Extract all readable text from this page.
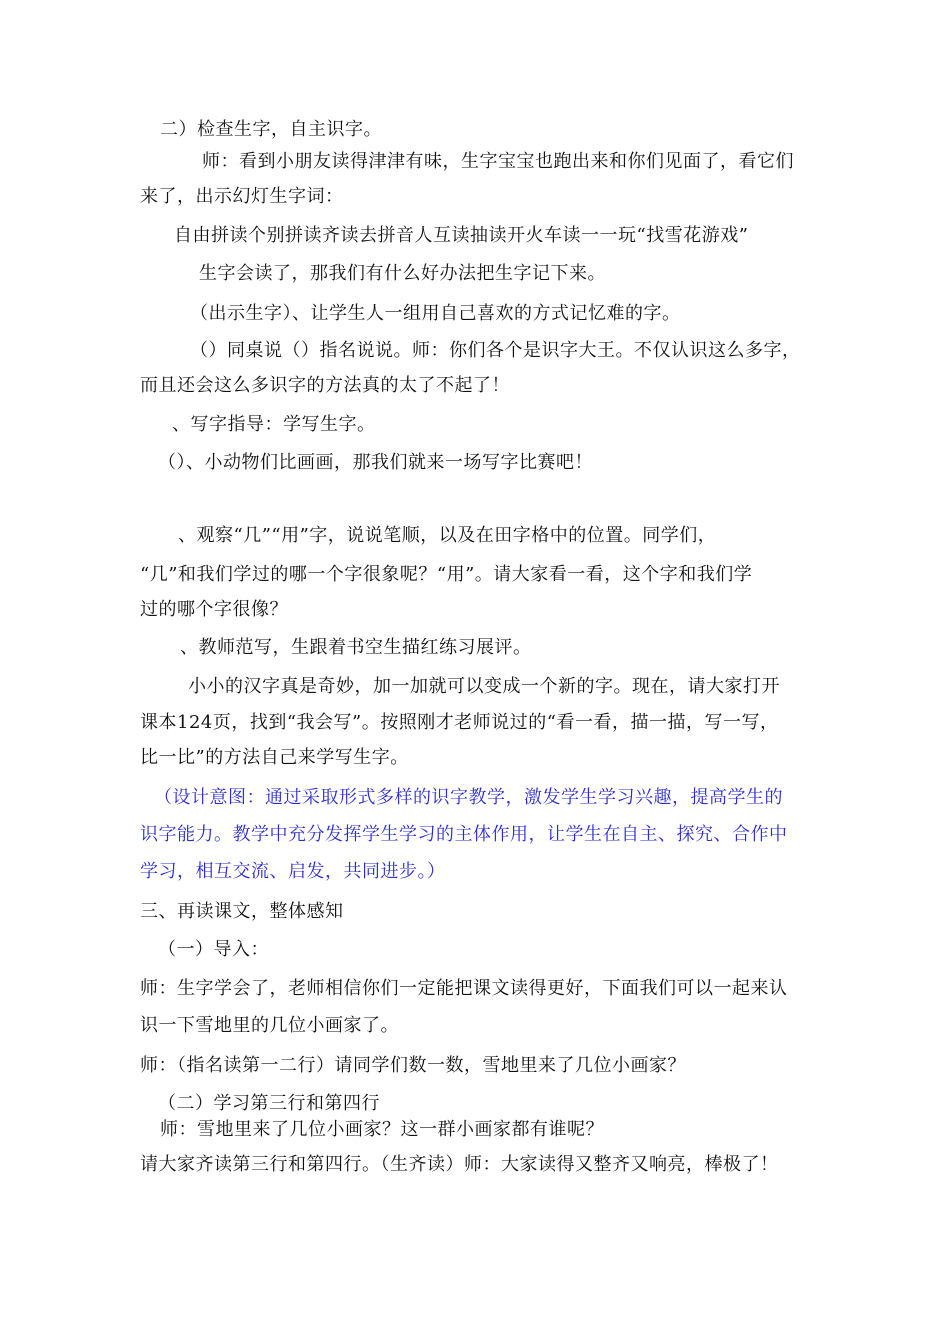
二）检查生字，自主识字。
师：看到小朋友读得津津有味，生字宝宝也跑出来和你们见面了，看它们
来了，出示幻灯生字词：
自由拼读个别拼读齐读去拼音人互读抽读开火车读一一玩“找雪花游戏”
生字会读了，那我们有什么好办法把生字记下来。
（出示生字）、让学生人一组用自己喜欢的方式记忆难的字。
（）同桌说（）指名说说。师：你们各个是识字大王。不仅认识这么多字，
而且还会这么多识字的方法真的太了不起了！
、写字指导：学写生字。
（）、小动物们比画画，那我们就来一场写字比赛吧！
、观察“几”“用”字，说说笔顺，以及在田字格中的位置。同学们，
“几”和我们学过的哪一个字很象呢？“用”。请大家看一看，这个字和我们学
过的哪个字很像？
、教师范写，生跟着书空生描红练习展评。
小小的汉字真是奇妙，加一加就可以变成一个新的字。现在，请大家打开
课本124页，找到“我会写”。按照刚才老师说过的“看一看，描一描，写一写，
比一比”的方法自己来学写生字。
（设计意图：通过采取形式多样的识字教学，激发学生学习兴趣，提高学生的
识字能力。教学中充分发挥学生学习的主体作用，让学生在自主、探究、合作中
学习，相互交流、启发，共同进步。）
三、再读课文，整体感知
（一）导入：
师：生字学会了，老师相信你们一定能把课文读得更好，下面我们可以一起来认
识一下雪地里的几位小画家了。
师：（指名读第一二行）请同学们数一数，雪地里来了几位小画家？
（二）学习第三行和第四行
师：雪地里来了几位小画家？这一群小画家都有谁呢？
请大家齐读第三行和第四行。（生齐读）师：大家读得又整齐又响亮，棒极了！
